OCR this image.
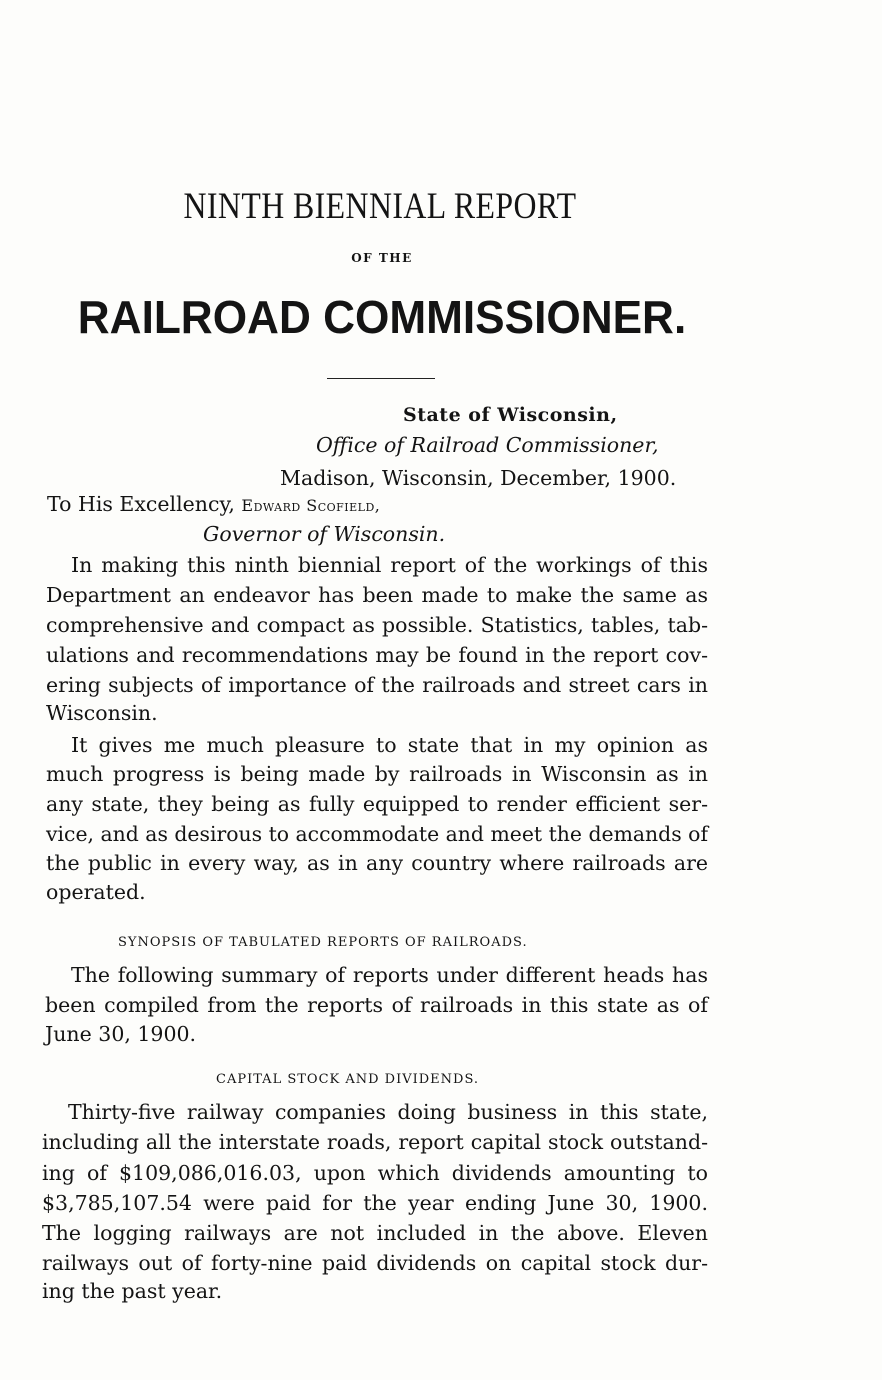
NINTH BIENNIAL REPORT
OF THE
RAILROAD COMMISSIONER.
State of Wisconsin,
Office of Railroad Commissioner,
Madison, Wisconsin, December, 1900.
To His Excellency, Edward Scofield,
Governor of Wisconsin.
In making this ninth biennial report of the workings of this
Department an endeavor has been made to make the same as
comprehensive and compact as possible. Statistics, tables, tab-
ulations and recommendations may be found in the report cov-
ering subjects of importance of the railroads and street cars in
Wisconsin.
It gives me much pleasure to state that in my opinion as
much progress is being made by railroads in Wisconsin as in
any state, they being as fully equipped to render efficient ser-
vice, and as desirous to accommodate and meet the demands of
the public in every way, as in any country where railroads are
operated.
SYNOPSIS OF TABULATED REPORTS OF RAILROADS.
The following summary of reports under different heads has
been compiled from the reports of railroads in this state as of
June 30, 1900.
CAPITAL STOCK AND DIVIDENDS.
Thirty-five railway companies doing business in this state,
including all the interstate roads, report capital stock outstand-
ing of $109,086,016.03, upon which dividends amounting to
$3,785,107.54 were paid for the year ending June 30, 1900.
The logging railways are not included in the above. Eleven
railways out of forty-nine paid dividends on capital stock dur-
ing the past year.
